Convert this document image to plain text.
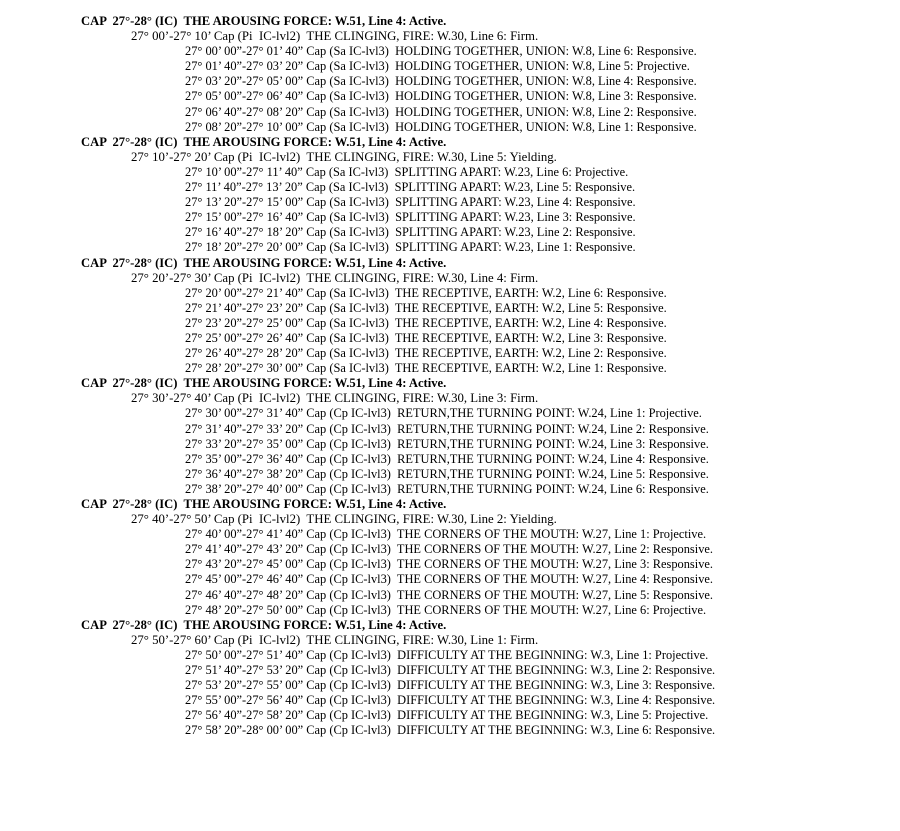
CAP  27°-28° (IC)  THE AROUSING FORCE: W.51, Line 4: Active.
27° 00’-27° 10’ Cap (Pi  IC-lvl2)  THE CLINGING, FIRE: W.30, Line 6: Firm.
27° 00’ 00”-27° 01’ 40” Cap (Sa IC-lvl3)  HOLDING TOGETHER, UNION: W.8, Line 6: Responsive.
27° 01’ 40”-27° 03’ 20” Cap (Sa IC-lvl3)  HOLDING TOGETHER, UNION: W.8, Line 5: Projective.
27° 03’ 20”-27° 05’ 00” Cap (Sa IC-lvl3)  HOLDING TOGETHER, UNION: W.8, Line 4: Responsive.
27° 05’ 00”-27° 06’ 40” Cap (Sa IC-lvl3)  HOLDING TOGETHER, UNION: W.8, Line 3: Responsive.
27° 06’ 40”-27° 08’ 20” Cap (Sa IC-lvl3)  HOLDING TOGETHER, UNION: W.8, Line 2: Responsive.
27° 08’ 20”-27° 10’ 00” Cap (Sa IC-lvl3)  HOLDING TOGETHER, UNION: W.8, Line 1: Responsive.
CAP  27°-28° (IC)  THE AROUSING FORCE: W.51, Line 4: Active.
27° 10’-27° 20’ Cap (Pi  IC-lvl2)  THE CLINGING, FIRE: W.30, Line 5: Yielding.
27° 10’ 00”-27° 11’ 40” Cap (Sa IC-lvl3)  SPLITTING APART: W.23, Line 6: Projective.
27° 11’ 40”-27° 13’ 20” Cap (Sa IC-lvl3)  SPLITTING APART: W.23, Line 5: Responsive.
27° 13’ 20”-27° 15’ 00” Cap (Sa IC-lvl3)  SPLITTING APART: W.23, Line 4: Responsive.
27° 15’ 00”-27° 16’ 40” Cap (Sa IC-lvl3)  SPLITTING APART: W.23, Line 3: Responsive.
27° 16’ 40”-27° 18’ 20” Cap (Sa IC-lvl3)  SPLITTING APART: W.23, Line 2: Responsive.
27° 18’ 20”-27° 20’ 00” Cap (Sa IC-lvl3)  SPLITTING APART: W.23, Line 1: Responsive.
CAP  27°-28° (IC)  THE AROUSING FORCE: W.51, Line 4: Active.
27° 20’-27° 30’ Cap (Pi  IC-lvl2)  THE CLINGING, FIRE: W.30, Line 4: Firm.
27° 20’ 00”-27° 21’ 40” Cap (Sa IC-lvl3)  THE RECEPTIVE, EARTH: W.2, Line 6: Responsive.
27° 21’ 40”-27° 23’ 20” Cap (Sa IC-lvl3)  THE RECEPTIVE, EARTH: W.2, Line 5: Responsive.
27° 23’ 20”-27° 25’ 00” Cap (Sa IC-lvl3)  THE RECEPTIVE, EARTH: W.2, Line 4: Responsive.
27° 25’ 00”-27° 26’ 40” Cap (Sa IC-lvl3)  THE RECEPTIVE, EARTH: W.2, Line 3: Responsive.
27° 26’ 40”-27° 28’ 20” Cap (Sa IC-lvl3)  THE RECEPTIVE, EARTH: W.2, Line 2: Responsive.
27° 28’ 20”-27° 30’ 00” Cap (Sa IC-lvl3)  THE RECEPTIVE, EARTH: W.2, Line 1: Responsive.
CAP  27°-28° (IC)  THE AROUSING FORCE: W.51, Line 4: Active.
27° 30’-27° 40’ Cap (Pi  IC-lvl2)  THE CLINGING, FIRE: W.30, Line 3: Firm.
27° 30’ 00”-27° 31’ 40” Cap (Cp IC-lvl3)  RETURN,THE TURNING POINT: W.24, Line 1: Projective.
27° 31’ 40”-27° 33’ 20” Cap (Cp IC-lvl3)  RETURN,THE TURNING POINT: W.24, Line 2: Responsive.
27° 33’ 20”-27° 35’ 00” Cap (Cp IC-lvl3)  RETURN,THE TURNING POINT: W.24, Line 3: Responsive.
27° 35’ 00”-27° 36’ 40” Cap (Cp IC-lvl3)  RETURN,THE TURNING POINT: W.24, Line 4: Responsive.
27° 36’ 40”-27° 38’ 20” Cap (Cp IC-lvl3)  RETURN,THE TURNING POINT: W.24, Line 5: Responsive.
27° 38’ 20”-27° 40’ 00” Cap (Cp IC-lvl3)  RETURN,THE TURNING POINT: W.24, Line 6: Responsive.
CAP  27°-28° (IC)  THE AROUSING FORCE: W.51, Line 4: Active.
27° 40’-27° 50’ Cap (Pi  IC-lvl2)  THE CLINGING, FIRE: W.30, Line 2: Yielding.
27° 40’ 00”-27° 41’ 40” Cap (Cp IC-lvl3)  THE CORNERS OF THE MOUTH: W.27, Line 1: Projective.
27° 41’ 40”-27° 43’ 20” Cap (Cp IC-lvl3)  THE CORNERS OF THE MOUTH: W.27, Line 2: Responsive.
27° 43’ 20”-27° 45’ 00” Cap (Cp IC-lvl3)  THE CORNERS OF THE MOUTH: W.27, Line 3: Responsive.
27° 45’ 00”-27° 46’ 40” Cap (Cp IC-lvl3)  THE CORNERS OF THE MOUTH: W.27, Line 4: Responsive.
27° 46’ 40”-27° 48’ 20” Cap (Cp IC-lvl3)  THE CORNERS OF THE MOUTH: W.27, Line 5: Responsive.
27° 48’ 20”-27° 50’ 00” Cap (Cp IC-lvl3)  THE CORNERS OF THE MOUTH: W.27, Line 6: Projective.
CAP  27°-28° (IC)  THE AROUSING FORCE: W.51, Line 4: Active.
27° 50’-27° 60’ Cap (Pi  IC-lvl2)  THE CLINGING, FIRE: W.30, Line 1: Firm.
27° 50’ 00”-27° 51’ 40” Cap (Cp IC-lvl3)  DIFFICULTY AT THE BEGINNING: W.3, Line 1: Projective.
27° 51’ 40”-27° 53’ 20” Cap (Cp IC-lvl3)  DIFFICULTY AT THE BEGINNING: W.3, Line 2: Responsive.
27° 53’ 20”-27° 55’ 00” Cap (Cp IC-lvl3)  DIFFICULTY AT THE BEGINNING: W.3, Line 3: Responsive.
27° 55’ 00”-27° 56’ 40” Cap (Cp IC-lvl3)  DIFFICULTY AT THE BEGINNING: W.3, Line 4: Responsive.
27° 56’ 40”-27° 58’ 20” Cap (Cp IC-lvl3)  DIFFICULTY AT THE BEGINNING: W.3, Line 5: Projective.
27° 58’ 20”-28° 00’ 00” Cap (Cp IC-lvl3)  DIFFICULTY AT THE BEGINNING: W.3, Line 6: Responsive.
